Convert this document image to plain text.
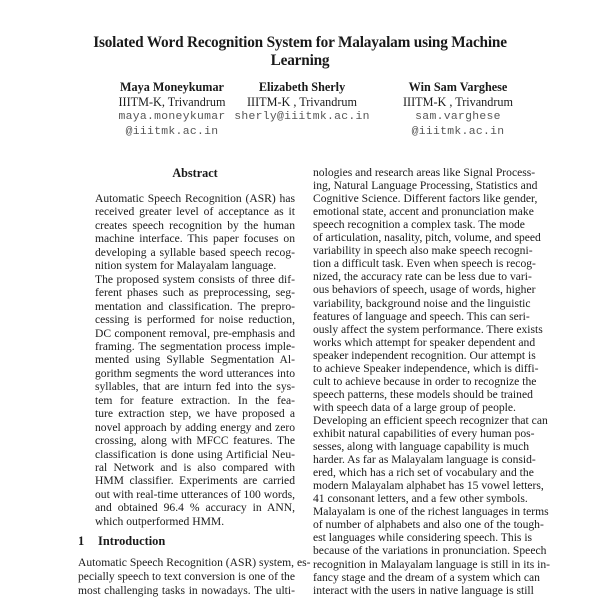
Isolated Word Recognition System for Malayalam using Machine
Learning
Maya Moneykumar
IIITM-K, Trivandrum
maya.moneykumar
@iiitmk.ac.in
Elizabeth Sherly
IIITM-K , Trivandrum
sherly@iiitmk.ac.in
Win Sam Varghese
IIITM-K , Trivandrum
sam.varghese
@iiitmk.ac.in
Abstract
Automatic Speech Recognition (ASR) has
received greater level of acceptance as it
creates speech recognition by the human
machine interface. This paper focuses on
developing a syllable based speech recog-
nition system for Malayalam language.
The proposed system consists of three dif-
ferent phases such as preprocessing, seg-
mentation and classification. The prepro-
cessing is performed for noise reduction,
DC component removal, pre-emphasis and
framing. The segmentation process imple-
mented using Syllable Segmentation Al-
gorithm segments the word utterances into
syllables, that are inturn fed into the sys-
tem for feature extraction. In the fea-
ture extraction step, we have proposed a
novel approach by adding energy and zero
crossing, along with MFCC features. The
classification is done using Artificial Neu-
ral Network and is also compared with
HMM classifier. Experiments are carried
out with real-time utterances of 100 words,
and obtained 96.4 % accuracy in ANN,
which outperformed HMM.
1 Introduction
Automatic Speech Recognition (ASR) system, es-
pecially speech to text conversion is one of the
most challenging tasks in nowadays. The ulti-
nologies and research areas like Signal Process-
ing, Natural Language Processing, Statistics and
Cognitive Science. Different factors like gender,
emotional state, accent and pronunciation make
speech recognition a complex task. The mode
of articulation, nasality, pitch, volume, and speed
variability in speech also make speech recogni-
tion a difficult task. Even when speech is recog-
nized, the accuracy rate can be less due to vari-
ous behaviors of speech, usage of words, higher
variability, background noise and the linguistic
features of language and speech. This can seri-
ously affect the system performance. There exists
works which attempt for speaker dependent and
speaker independent recognition. Our attempt is
to achieve Speaker independence, which is diffi-
cult to achieve because in order to recognize the
speech patterns, these models should be trained
with speech data of a large group of people.
Developing an efficient speech recognizer that can
exhibit natural capabilities of every human pos-
sesses, along with language capability is much
harder. As far as Malayalam language is consid-
ered, which has a rich set of vocabulary and the
modern Malayalam alphabet has 15 vowel letters,
41 consonant letters, and a few other symbols.
Malayalam is one of the richest languages in terms
of number of alphabets and also one of the tough-
est languages while considering speech. This is
because of the variations in pronunciation. Speech
recognition in Malayalam language is still in its in-
fancy stage and the dream of a system which can
interact with the users in native language is still
